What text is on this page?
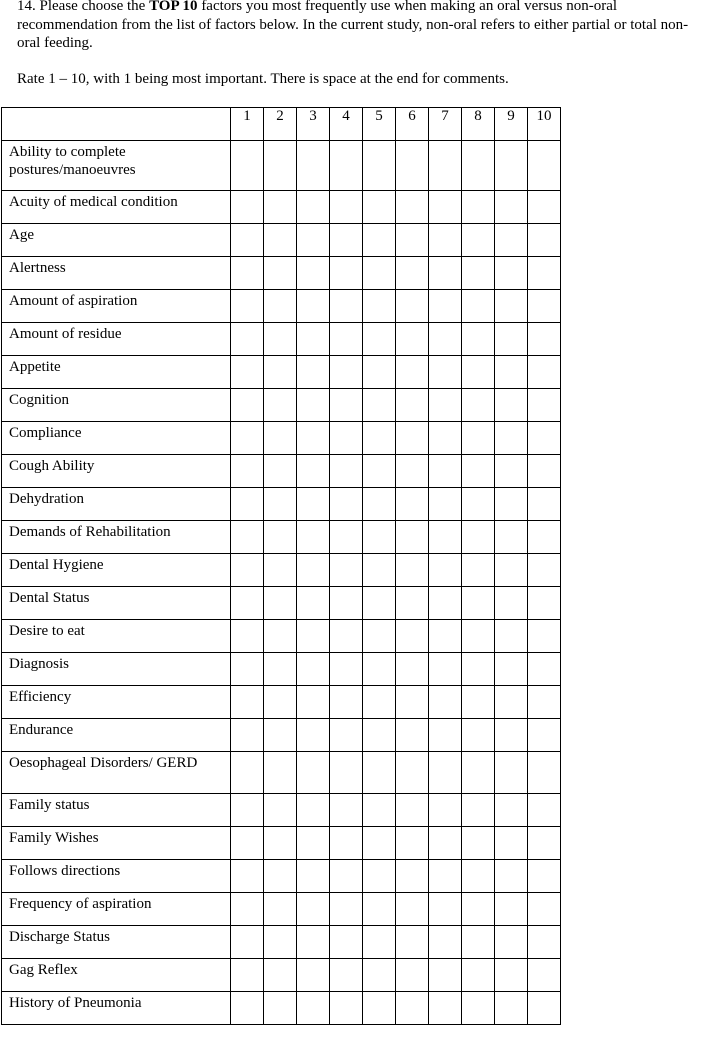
14. Please choose the TOP 10 factors you most frequently use when making an oral versus non-oral recommendation from the list of factors below. In the current study, non-oral refers to either partial or total non-oral feeding.

Rate 1 – 10, with 1 being most important. There is space at the end for comments.

	1	2	3	4	5	6	7	8	9	10
Ability to complete postures/manoeuvres										
Acuity of medical condition										
Age										
Alertness										
Amount of aspiration										
Amount of residue										
Appetite										
Cognition										
Compliance										
Cough Ability										
Dehydration										
Demands of Rehabilitation										
Dental Hygiene										
Dental Status										
Desire to eat										
Diagnosis										
Efficiency										
Endurance										
Oesophageal Disorders/ GERD										
Family status										
Family Wishes										
Follows directions										
Frequency of aspiration										
Discharge Status										
Gag Reflex										
History of Pneumonia										
